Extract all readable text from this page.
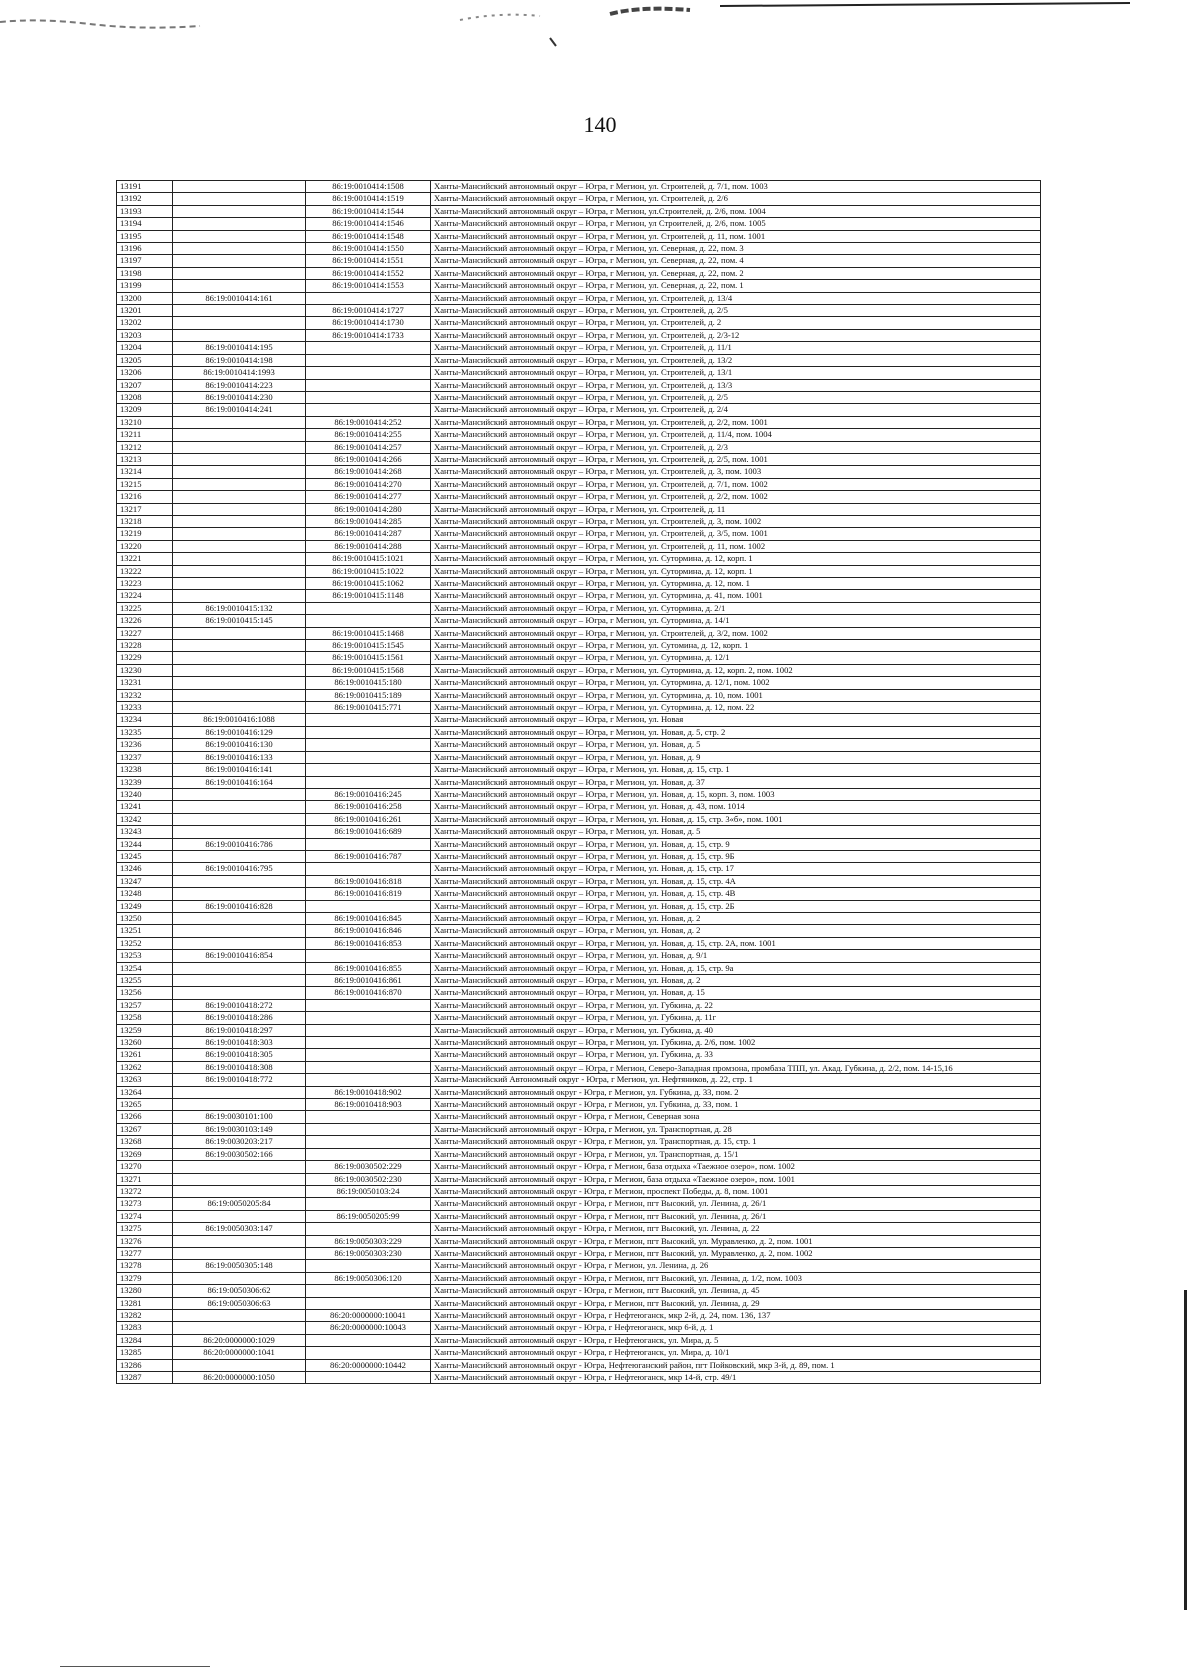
140
13191		86:19:0010414:1508	Ханты-Мансийский автономный округ – Югра, г Мегион, ул. Строителей, д. 7/1, пом. 1003
13192		86:19:0010414:1519	Ханты-Мансийский автономный округ – Югра, г Мегион, ул. Строителей, д. 2/6
13193		86:19:0010414:1544	Ханты-Мансийский автономный округ – Югра, г Мегион, ул.Строителей, д. 2/6, пом. 1004
13194		86:19:0010414:1546	Ханты-Мансийский автономный округ – Югра, г Мегион, ул Строителей, д. 2/6, пом. 1005
13195		86:19:0010414:1548	Ханты-Мансийский автономный округ – Югра, г Мегион, ул. Строителей, д. 11, пом. 1001
13196		86:19:0010414:1550	Ханты-Мансийский автономный округ – Югра, г Мегион, ул. Северная, д. 22, пом. 3
13197		86:19:0010414:1551	Ханты-Мансийский автономный округ – Югра, г Мегион, ул. Северная, д. 22, пом. 4
13198		86:19:0010414:1552	Ханты-Мансийский автономный округ – Югра, г Мегион, ул. Северная, д. 22, пом. 2
13199		86:19:0010414:1553	Ханты-Мансийский автономный округ – Югра, г Мегион, ул. Северная, д. 22, пом. 1
13200	86:19:0010414:161		Ханты-Мансийский автономный округ – Югра, г Мегион, ул. Строителей, д. 13/4
13201		86:19:0010414:1727	Ханты-Мансийский автономный округ – Югра, г Мегион, ул. Строителей, д. 2/5
13202		86:19:0010414:1730	Ханты-Мансийский автономный округ – Югра, г Мегион, ул. Строителей, д. 2
13203		86:19:0010414:1733	Ханты-Мансийский автономный округ – Югра, г Мегион, ул. Строителей, д. 2/3-12
13204	86:19:0010414:195		Ханты-Мансийский автономный округ – Югра, г Мегион, ул. Строителей, д. 11/1
13205	86:19:0010414:198		Ханты-Мансийский автономный округ – Югра, г Мегион, ул. Строителей, д. 13/2
13206	86:19:0010414:1993		Ханты-Мансийский автономный округ – Югра, г Мегион, ул. Строителей, д. 13/1
13207	86:19:0010414:223		Ханты-Мансийский автономный округ – Югра, г Мегион, ул. Строителей, д. 13/3
13208	86:19:0010414:230		Ханты-Мансийский автономный округ – Югра, г Мегион, ул. Строителей, д. 2/5
13209	86:19:0010414:241		Ханты-Мансийский автономный округ – Югра, г Мегион, ул. Строителей, д. 2/4
13210		86:19:0010414:252	Ханты-Мансийский автономный округ – Югра, г Мегион, ул. Строителей, д. 2/2, пом. 1001
13211		86:19:0010414:255	Ханты-Мансийский автономный округ – Югра, г Мегион, ул. Строителей, д. 11/4, пом. 1004
13212		86:19:0010414:257	Ханты-Мансийский автономный округ – Югра, г Мегион, ул. Строителей, д. 2/3
13213		86:19:0010414:266	Ханты-Мансийский автономный округ – Югра, г Мегион, ул. Строителей, д. 2/5, пом. 1001
13214		86:19:0010414:268	Ханты-Мансийский автономный округ – Югра, г Мегион, ул. Строителей, д. 3, пом. 1003
13215		86:19:0010414:270	Ханты-Мансийский автономный округ – Югра, г Мегион, ул. Строителей, д. 7/1, пом. 1002
13216		86:19:0010414:277	Ханты-Мансийский автономный округ – Югра, г Мегион, ул. Строителей, д. 2/2, пом. 1002
13217		86:19:0010414:280	Ханты-Мансийский автономный округ – Югра, г Мегион, ул. Строителей, д. 11
13218		86:19:0010414:285	Ханты-Мансийский автономный округ – Югра, г Мегион, ул. Строителей, д. 3, пом. 1002
13219		86:19:0010414:287	Ханты-Мансийский автономный округ – Югра, г Мегион, ул. Строителей, д. 3/5, пом. 1001
13220		86:19:0010414:288	Ханты-Мансийский автономный округ – Югра, г Мегион, ул. Строителей, д. 11, пом. 1002
13221		86:19:0010415:1021	Ханты-Мансийский автономный округ – Югра, г Мегион, ул. Сутормина, д. 12, корп. 1
13222		86:19:0010415:1022	Ханты-Мансийский автономный округ – Югра, г Мегион, ул. Сутормина, д. 12, корп. 1
13223		86:19:0010415:1062	Ханты-Мансийский автономный округ – Югра, г Мегион, ул. Сутормина, д. 12, пом. 1
13224		86:19:0010415:1148	Ханты-Мансийский автономный округ – Югра, г Мегион, ул. Сутормина, д. 41, пом. 1001
13225	86:19:0010415:132		Ханты-Мансийский автономный округ – Югра, г Мегион, ул. Сутормина, д. 2/1
13226	86:19:0010415:145		Ханты-Мансийский автономный округ – Югра, г Мегион, ул. Сутормина, д. 14/1
13227		86:19:0010415:1468	Ханты-Мансийский автономный округ – Югра, г Мегион, ул. Строителей, д. 3/2, пом. 1002
13228		86:19:0010415:1545	Ханты-Мансийский автономный округ – Югра, г Мегион, ул. Сутомина, д. 12, корп. 1
13229		86:19:0010415:1561	Ханты-Мансийский автономный округ – Югра, г Мегион, ул. Сутормина, д. 12/1
13230		86:19:0010415:1568	Ханты-Мансийский автономный округ – Югра, г Мегион, ул. Сутормина, д. 12, корп. 2, пом. 1002
13231		86:19:0010415:180	Ханты-Мансийский автономный округ – Югра, г Мегион, ул. Сутормина, д. 12/1, пом. 1002
13232		86:19:0010415:189	Ханты-Мансийский автономный округ – Югра, г Мегион, ул. Сутормина, д. 10, пом. 1001
13233		86:19:0010415:771	Ханты-Мансийский автономный округ – Югра, г Мегион, ул. Сутормина, д. 12, пом. 22
13234	86:19:0010416:1088		Ханты-Мансийский автономный округ – Югра, г Мегион, ул. Новая
13235	86:19:0010416:129		Ханты-Мансийский автономный округ – Югра, г Мегион, ул. Новая, д. 5, стр. 2
13236	86:19:0010416:130		Ханты-Мансийский автономный округ – Югра, г Мегион, ул. Новая, д. 5
13237	86:19:0010416:133		Ханты-Мансийский автономный округ – Югра, г Мегион, ул. Новая, д. 9
13238	86:19:0010416:141		Ханты-Мансийский автономный округ – Югра, г Мегион, ул. Новая, д. 15, стр. 1
13239	86:19:0010416:164		Ханты-Мансийский автономный округ – Югра, г Мегион, ул. Новая, д. 37
13240		86:19:0010416:245	Ханты-Мансийский автономный округ – Югра, г Мегион, ул. Новая, д. 15, корп. 3, пом. 1003
13241		86:19:0010416:258	Ханты-Мансийский автономный округ – Югра, г Мегион, ул. Новая, д. 43, пом. 1014
13242		86:19:0010416:261	Ханты-Мансийский автономный округ – Югра, г Мегион, ул. Новая, д. 15, стр. 3«б», пом. 1001
13243		86:19:0010416:689	Ханты-Мансийский автономный округ – Югра, г Мегион, ул. Новая, д. 5
13244	86:19:0010416:786		Ханты-Мансийский автономный округ – Югра, г Мегион, ул. Новая, д. 15, стр. 9
13245		86:19:0010416:787	Ханты-Мансийский автономный округ – Югра, г Мегион, ул. Новая, д. 15, стр. 9Б
13246	86:19:0010416:795		Ханты-Мансийский автономный округ – Югра, г Мегион, ул. Новая, д. 15, стр. 17
13247		86:19:0010416:818	Ханты-Мансийский автономный округ – Югра, г Мегион, ул. Новая, д. 15, стр. 4А
13248		86:19:0010416:819	Ханты-Мансийский автономный округ – Югра, г Мегион, ул. Новая, д. 15, стр. 4В
13249	86:19:0010416:828		Ханты-Мансийский автономный округ – Югра, г Мегион, ул. Новая, д. 15, стр. 2Б
13250		86:19:0010416:845	Ханты-Мансийский автономный округ – Югра, г Мегион, ул. Новая, д. 2
13251		86:19:0010416:846	Ханты-Мансийский автономный округ – Югра, г Мегион, ул. Новая, д. 2
13252		86:19:0010416:853	Ханты-Мансийский автономный округ – Югра, г Мегион, ул. Новая, д. 15, стр. 2А, пом. 1001
13253	86:19:0010416:854		Ханты-Мансийский автономный округ – Югра, г Мегион, ул. Новая, д. 9/1
13254		86:19:0010416:855	Ханты-Мансийский автономный округ – Югра, г Мегион, ул. Новая, д. 15, стр. 9а
13255		86:19:0010416:861	Ханты-Мансийский автономный округ – Югра, г Мегион, ул. Новая, д. 2
13256		86:19:0010416:870	Ханты-Мансийский автономный округ – Югра, г Мегион, ул. Новая, д. 15
13257	86:19:0010418:272		Ханты-Мансийский автономный округ – Югра, г Мегион, ул. Губкина, д. 22
13258	86:19:0010418:286		Ханты-Мансийский автономный округ – Югра, г Мегион, ул. Губкина, д. 11г
13259	86:19:0010418:297		Ханты-Мансийский автономный округ – Югра, г Мегион, ул. Губкина, д. 40
13260	86:19:0010418:303		Ханты-Мансийский автономный округ – Югра, г Мегион, ул. Губкина, д. 2/6, пом. 1002
13261	86:19:0010418:305		Ханты-Мансийский автономный округ – Югра, г Мегион, ул. Губкина, д. 33
13262	86:19:0010418:308		Ханты-Мансийский автономный округ – Югра, г Мегион, Северо-Западная промзона, промбаза ТПП, ул. Акад. Губкина, д. 2/2, пом. 14-15,16
13263	86:19:0010418:772		Ханты-Мансийский Автономный округ - Югра, г Мегион, ул. Нефтяников, д. 22, стр. 1
13264		86:19:0010418:902	Ханты-Мансийский автономный округ - Югра, г Мегион, ул. Губкина, д. 33, пом. 2
13265		86:19:0010418:903	Ханты-Мансийский автономный округ - Югра, г Мегион, ул. Губкина, д. 33, пом. 1
13266	86:19:0030101:100		Ханты-Мансийский автономный округ - Югра, г Мегион, Северная зона
13267	86:19:0030103:149		Ханты-Мансийский автономный округ - Югра, г Мегион, ул. Транспортная, д. 28
13268	86:19:0030203:217		Ханты-Мансийский автономный округ - Югра, г Мегион, ул. Транспортная, д. 15, стр. 1
13269	86:19:0030502:166		Ханты-Мансийский автономный округ - Югра, г Мегион, ул. Транспортная, д. 15/1
13270		86:19:0030502:229	Ханты-Мансийский автономный округ - Югра, г Мегион, база отдыха «Таежное озеро», пом. 1002
13271		86:19:0030502:230	Ханты-Мансийский автономный округ - Югра, г Мегион, база отдыха «Таежное озеро», пом. 1001
13272		86:19:0050103:24	Ханты-Мансийский автономный округ - Югра, г Мегион, проспект Победы, д. 8, пом. 1001
13273	86:19:0050205:84		Ханты-Мансийский автономный округ - Югра, г Мегион, пгт Высокий, ул. Ленина, д. 26/1
13274		86:19:0050205:99	Ханты-Мансийский автономный округ - Югра, г Мегион, пгт Высокий, ул. Ленина, д. 26/1
13275	86:19:0050303:147		Ханты-Мансийский автономный округ - Югра, г Мегион, пгт Высокий, ул. Ленина, д. 22
13276		86:19:0050303:229	Ханты-Мансийский автономный округ - Югра, г Мегион, пгт Высокий, ул. Муравленко, д. 2, пом. 1001
13277		86:19:0050303:230	Ханты-Мансийский автономный округ - Югра, г Мегион, пгт Высокий, ул. Муравленко, д. 2, пом. 1002
13278	86:19:0050305:148		Ханты-Мансийский автономный округ - Югра, г Мегион, ул. Ленина, д. 26
13279		86:19:0050306:120	Ханты-Мансийский автономный округ - Югра, г Мегион, пгт Высокий, ул. Ленина, д. 1/2, пом. 1003
13280	86:19:0050306:62		Ханты-Мансийский автономный округ - Югра, г Мегион, пгт Высокий, ул. Ленина, д. 45
13281	86:19:0050306:63		Ханты-Мансийский автономный округ - Югра, г Мегион, пгт Высокий, ул. Ленина, д. 29
13282		86:20:0000000:10041	Ханты-Мансийский автономный округ - Югра, г Нефтеюганск, мкр 2-й, д. 24, пом. 136, 137
13283		86:20:0000000:10043	Ханты-Мансийский автономный округ - Югра, г Нефтеюганск, мкр 6-й, д. 1
13284	86:20:0000000:1029		Ханты-Мансийский автономный округ - Югра, г Нефтеюганск, ул. Мира, д. 5
13285	86:20:0000000:1041		Ханты-Мансийский автономный округ - Югра, г Нефтеюганск, ул. Мира, д. 10/1
13286		86:20:0000000:10442	Ханты-Мансийский автономный округ - Югра, Нефтеюганский район, пгт Пойковский, мкр 3-й, д. 89, пом. 1
13287	86:20:0000000:1050		Ханты-Мансийский автономный округ - Югра, г Нефтеюганск, мкр 14-й, стр. 49/1
